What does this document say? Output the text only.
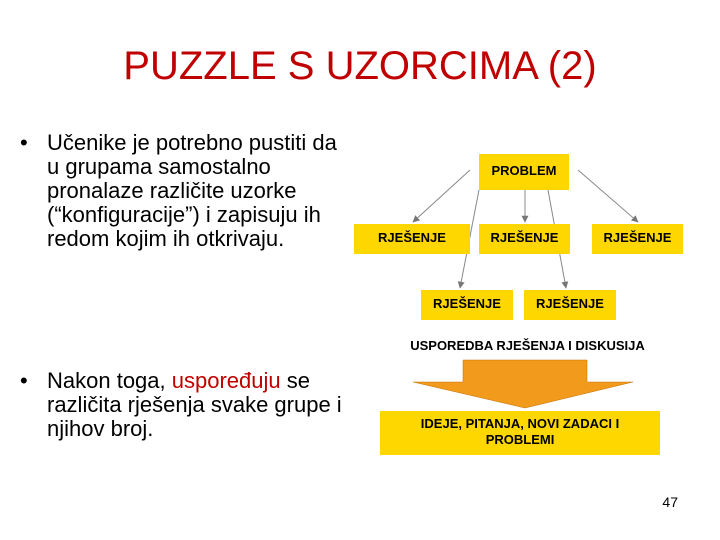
PUZZLE S UZORCIMA (2)
• Učenike je potrebno pustiti da u grupama samostalno pronalaze različite uzorke (“konfiguracije”) i zapisuju ih redom kojim ih otkrivaju.
• Nakon toga, uspoređuju se različita rješenja svake grupe i njihov broj.
PROBLEM
RJEŠENJE	RJEŠENJE	RJEŠENJE
RJEŠENJE	RJEŠENJE
USPOREDBA RJEŠENJA I DISKUSIJA
IDEJE, PITANJA, NOVI ZADACI I
PROBLEMI
47
